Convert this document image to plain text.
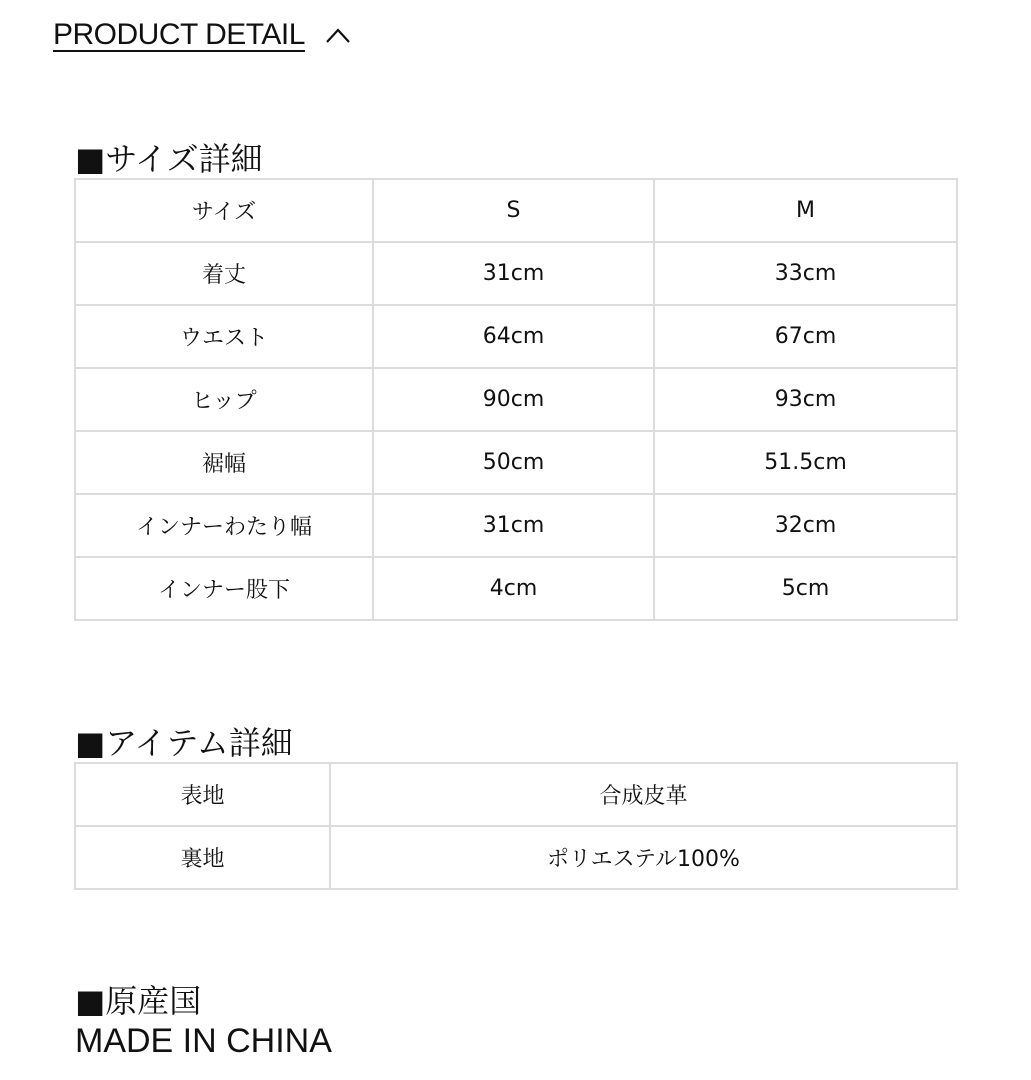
PRODUCT DETAIL
■サイズ詳細
サイズ	S	M
着丈	31cm	33cm
ウエスト	64cm	67cm
ヒップ	90cm	93cm
裾幅	50cm	51.5cm
インナーわたり幅	31cm	32cm
インナー股下	4cm	5cm
■アイテム詳細
表地	合成皮革
裏地	ポリエステル100%
■原産国
MADE IN CHINA
